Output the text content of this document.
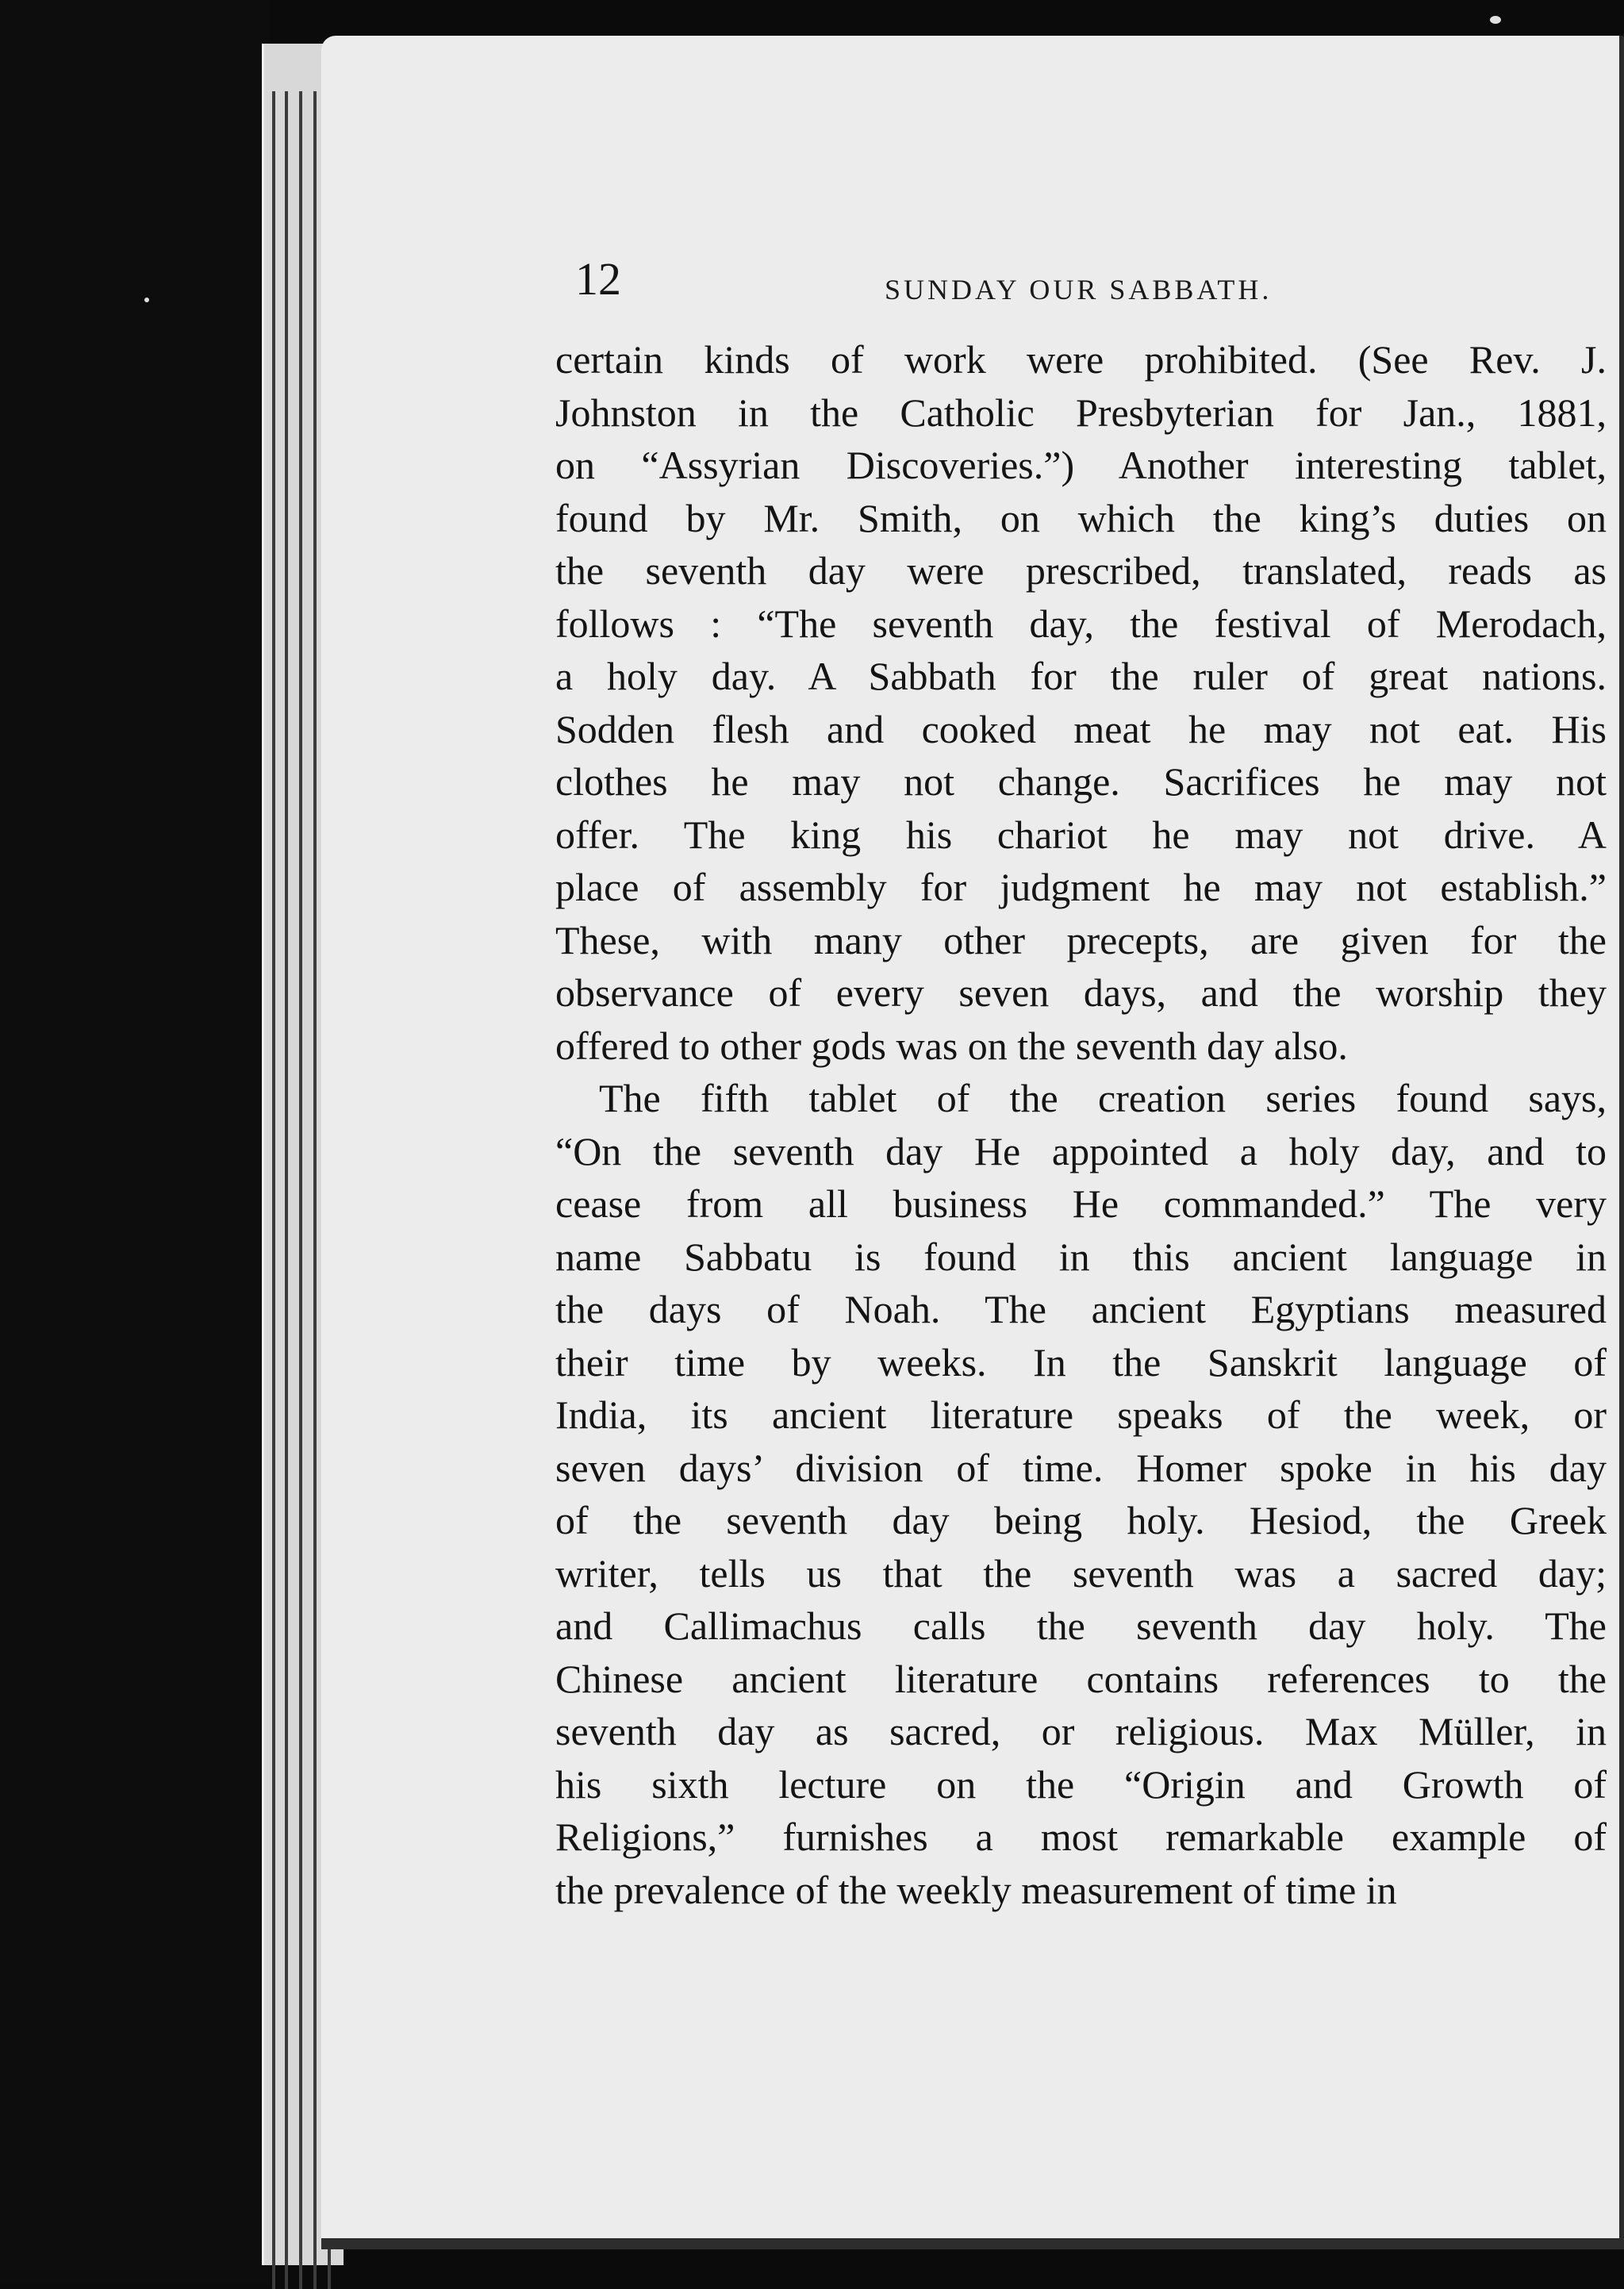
12	SUNDAY OUR SABBATH.
certain kinds of work were prohibited. (See Rev. J.
Johnston in the Catholic Presbyterian for Jan., 1881,
on “Assyrian Discoveries.”) Another interesting tablet,
found by Mr. Smith, on which the king’s duties on
the seventh day were prescribed, translated, reads as
follows : “The seventh day, the festival of Merodach,
a holy day. A Sabbath for the ruler of great nations.
Sodden flesh and cooked meat he may not eat. His
clothes he may not change. Sacrifices he may not
offer. The king his chariot he may not drive. A
place of assembly for judgment he may not establish.”
These, with many other precepts, are given for the
observance of every seven days, and the worship they
offered to other gods was on the seventh day also.
The fifth tablet of the creation series found says,
“On the seventh day He appointed a holy day, and to
cease from all business He commanded.” The very
name Sabbatu is found in this ancient language in
the days of Noah. The ancient Egyptians measured
their time by weeks. In the Sanskrit language of
India, its ancient literature speaks of the week, or
seven days’ division of time. Homer spoke in his day
of the seventh day being holy. Hesiod, the Greek
writer, tells us that the seventh was a sacred day;
and Callimachus calls the seventh day holy. The
Chinese ancient literature contains references to the
seventh day as sacred, or religious. Max Müller, in
his sixth lecture on the “Origin and Growth of
Religions,” furnishes a most remarkable example of
the prevalence of the weekly measurement of time in
